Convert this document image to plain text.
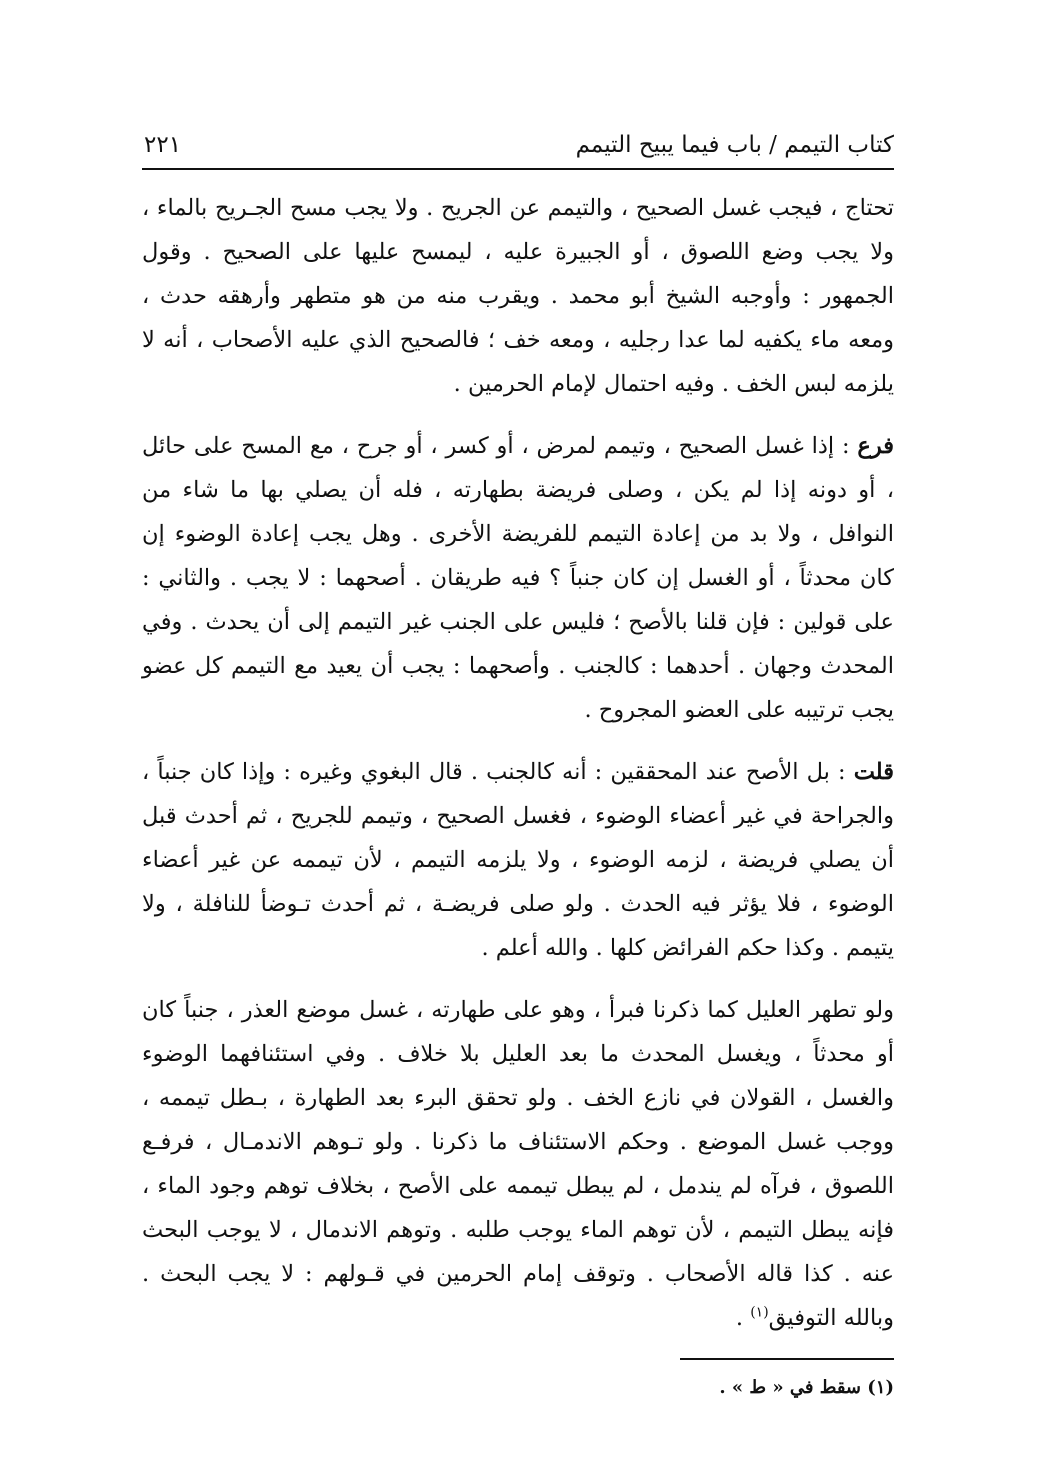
كتاب التيمم / باب فيما يبيح التيمم
٢٢١

تحتاج ، فيجب غسل الصحيح ، والتيمم عن الجريح . ولا يجب مسح الجـريح بالماء ، ولا يجب وضع اللصوق ، أو الجبيرة عليه ، ليمسح عليها على الصحيح . وقول الجمهور : وأوجبه الشيخ أبو محمد . ويقرب منه من هو متطهر وأرهقه حدث ، ومعه ماء يكفيه لما عدا رجليه ، ومعه خف ؛ فالصحيح الذي عليه الأصحاب ، أنه لا يلزمه لبس الخف . وفيه احتمال لإمام الحرمين .

فرع : إذا غسل الصحيح ، وتيمم لمرض ، أو كسر ، أو جرح ، مع المسح على حائل ، أو دونه إذا لم يكن ، وصلى فريضة بطهارته ، فله أن يصلي بها ما شاء من النوافل ، ولا بد من إعادة التيمم للفريضة الأخرى . وهل يجب إعادة الوضوء إن كان محدثاً ، أو الغسل إن كان جنباً ؟ فيه طريقان . أصحهما : لا يجب . والثاني : على قولين : فإن قلنا بالأصح ؛ فليس على الجنب غير التيمم إلى أن يحدث . وفي المحدث وجهان . أحدهما : كالجنب . وأصحهما : يجب أن يعيد مع التيمم كل عضو يجب ترتيبه على العضو المجروح .

قلت : بل الأصح عند المحققين : أنه كالجنب . قال البغوي وغيره : وإذا كان جنباً ، والجراحة في غير أعضاء الوضوء ، فغسل الصحيح ، وتيمم للجريح ، ثم أحدث قبل أن يصلي فريضة ، لزمه الوضوء ، ولا يلزمه التيمم ، لأن تيممه عن غير أعضاء الوضوء ، فلا يؤثر فيه الحدث . ولو صلى فريضـة ، ثم أحدث تـوضأ للنافلة ، ولا يتيمم . وكذا حكم الفرائض كلها . والله أعلم .

ولو تطهر العليل كما ذكرنا فبرأ ، وهو على طهارته ، غسل موضع العذر ، جنباً كان أو محدثاً ، ويغسل المحدث ما بعد العليل بلا خلاف . وفي استئنافهما الوضوء والغسل ، القولان في نازع الخف . ولو تحقق البرء بعد الطهارة ، بـطل تيممه ، ووجب غسل الموضع . وحكم الاستئناف ما ذكرنا . ولو تـوهم الاندمـال ، فرفـع اللصوق ، فرآه لم يندمل ، لم يبطل تيممه على الأصح ، بخلاف توهم وجود الماء ، فإنه يبطل التيمم ، لأن توهم الماء يوجب طلبه . وتوهم الاندمال ، لا يوجب البحث عنه . كذا قاله الأصحاب . وتوقف إمام الحرمين في قـولهم : لا يجب البحث . وبالله التوفيق$^{(١)}$ .

(١) سقط في « ط » .
